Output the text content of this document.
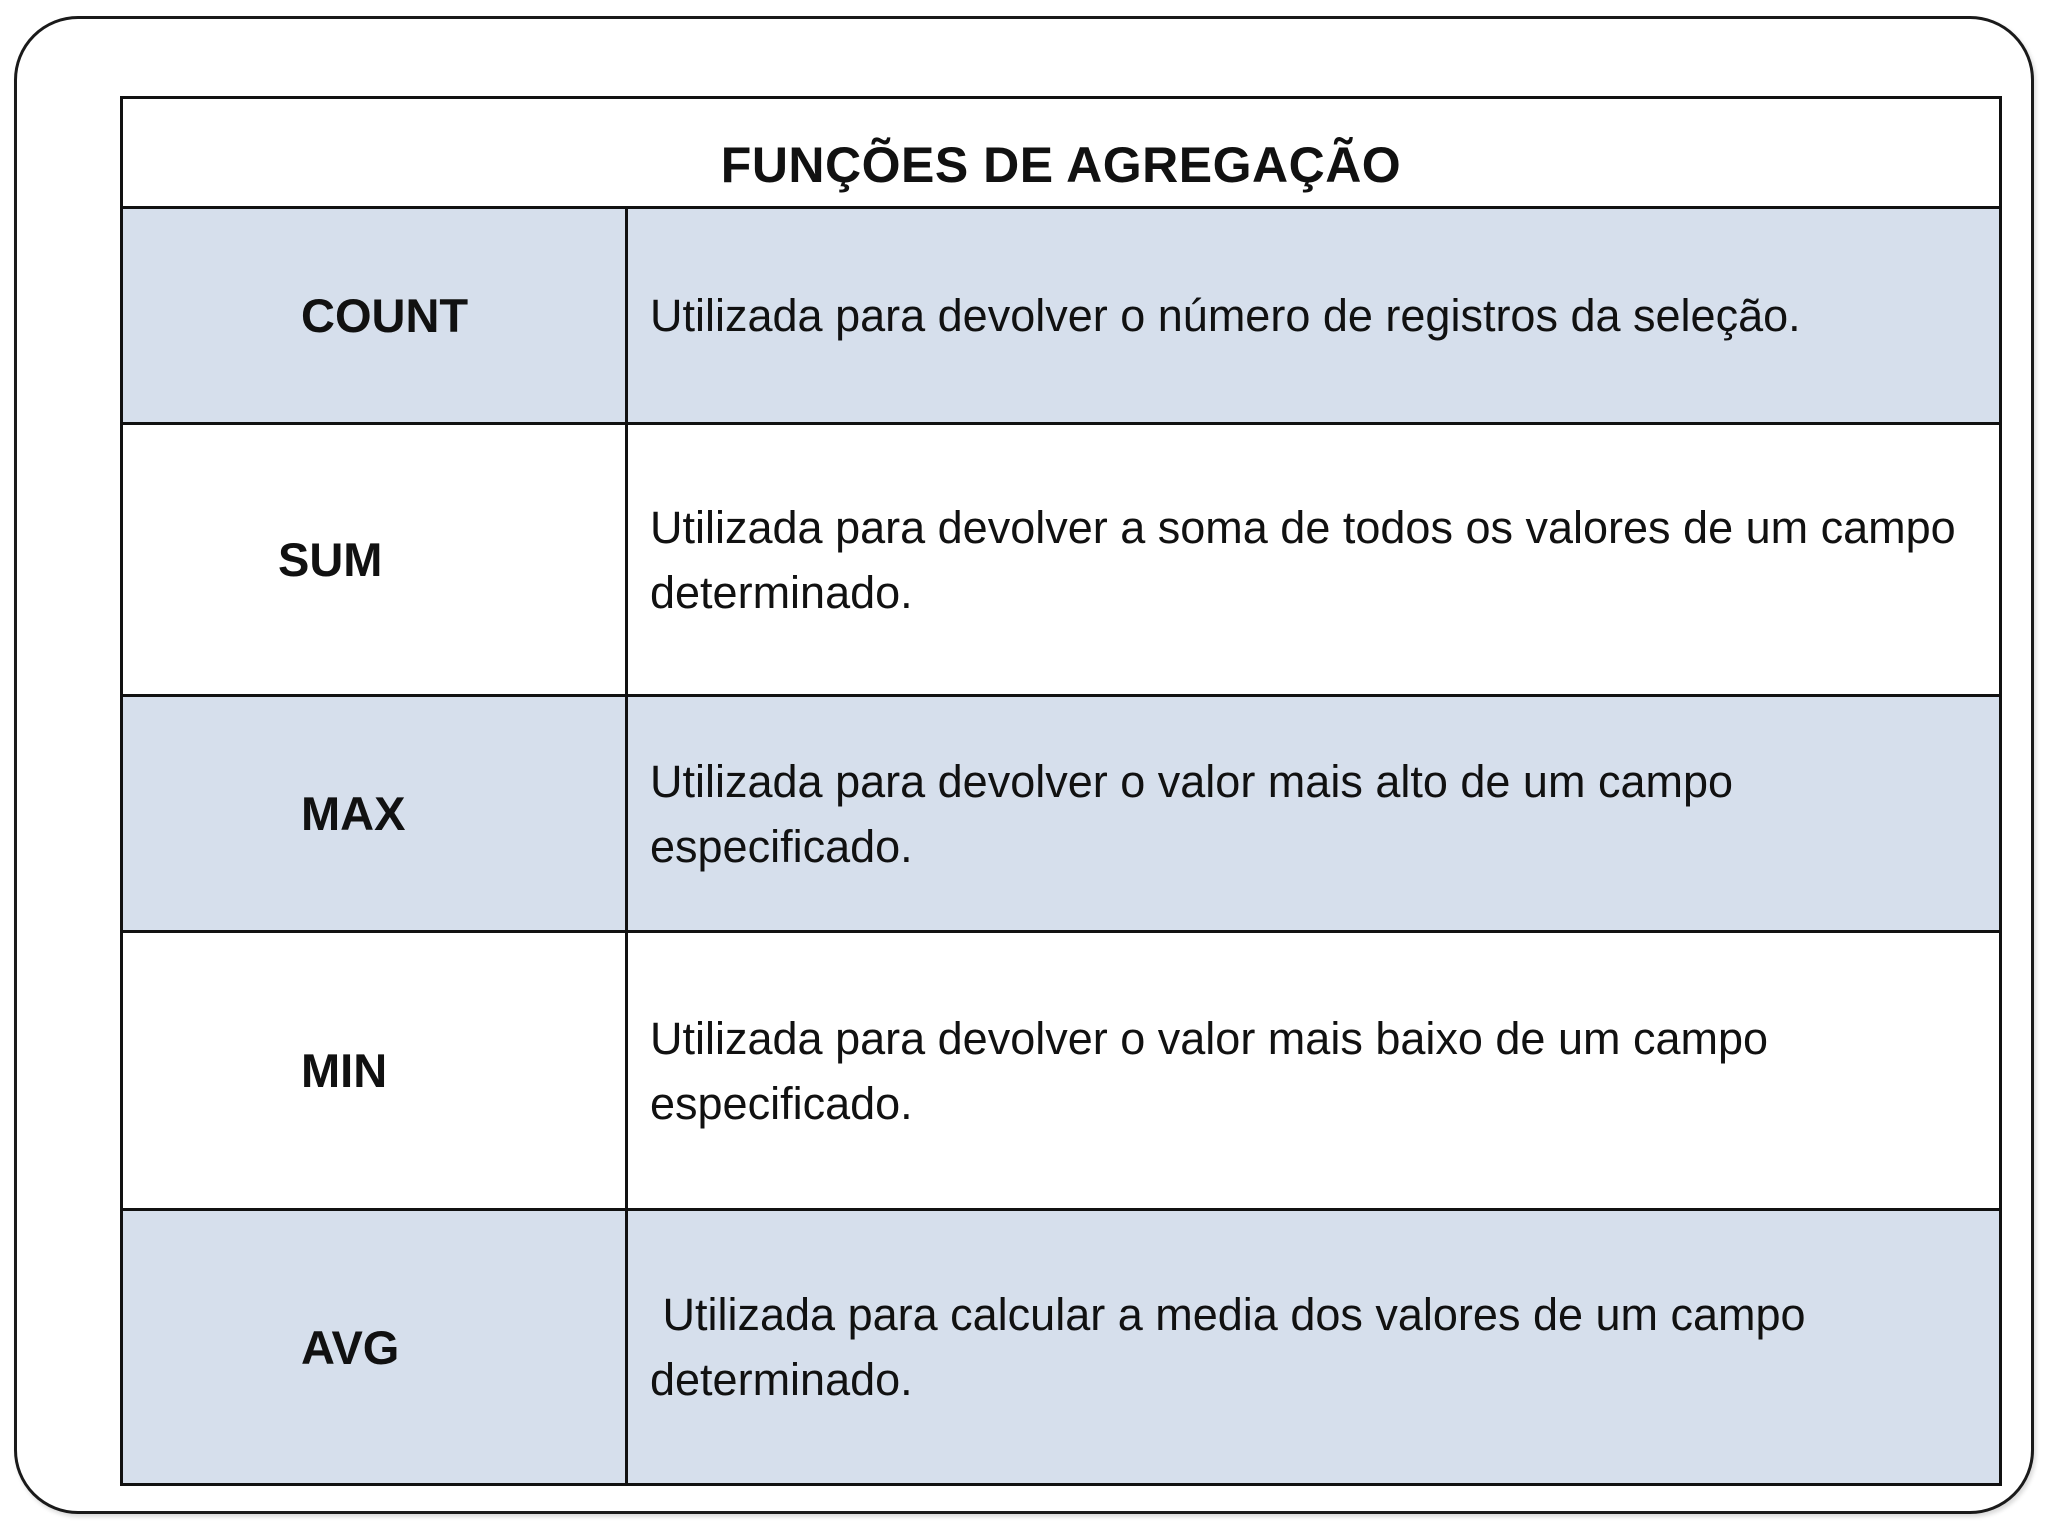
FUNÇÕES DE AGREGAÇÃO
COUNT	Utilizada para devolver o número de registros da seleção.
SUM
Utilizada para devolver a soma de todos os valores de um campo determinado.
MAX
Utilizada para devolver o valor mais alto de um campo especificado.
MIN
Utilizada para devolver o valor mais baixo de um campo especificado.
AVG
Utilizada para calcular a media dos valores de um campo determinado.
